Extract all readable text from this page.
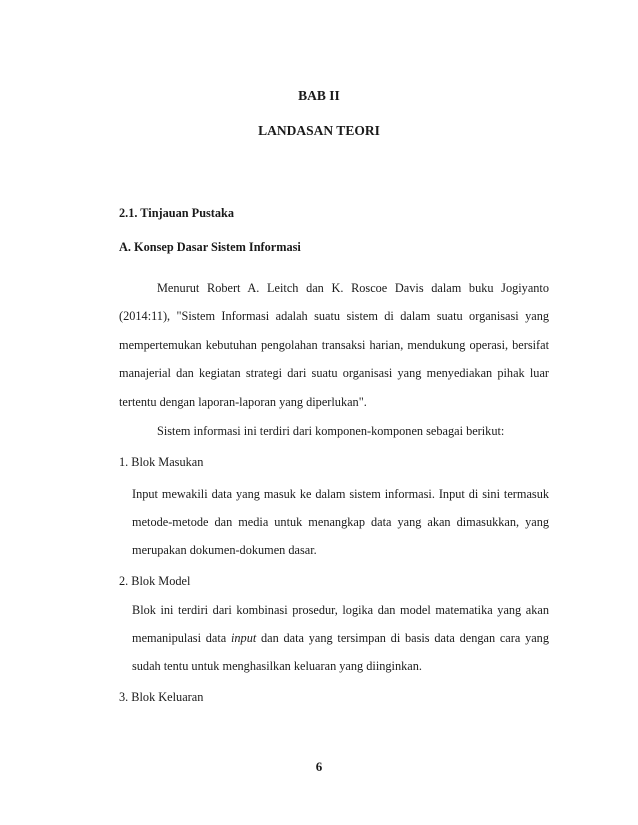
BAB II
LANDASAN TEORI
2.1. Tinjauan Pustaka
A. Konsep Dasar Sistem Informasi
Menurut Robert A. Leitch dan K. Roscoe Davis dalam buku Jogiyanto
(2014:11), "Sistem Informasi adalah suatu sistem di dalam suatu organisasi yang
mempertemukan kebutuhan pengolahan transaksi harian, mendukung operasi, bersifat
manajerial dan kegiatan strategi dari suatu organisasi yang menyediakan pihak luar
tertentu dengan laporan-laporan yang diperlukan".
Sistem informasi ini terdiri dari komponen-komponen sebagai berikut:
1. Blok Masukan
Input mewakili data yang masuk ke dalam sistem informasi. Input di sini termasuk
metode-metode dan media untuk menangkap data yang akan dimasukkan, yang
merupakan dokumen-dokumen dasar.
2. Blok Model
Blok ini terdiri dari kombinasi prosedur, logika dan model matematika yang akan
memanipulasi data input dan data yang tersimpan di basis data dengan cara yang
sudah tentu untuk menghasilkan keluaran yang diinginkan.
3. Blok Keluaran
6
